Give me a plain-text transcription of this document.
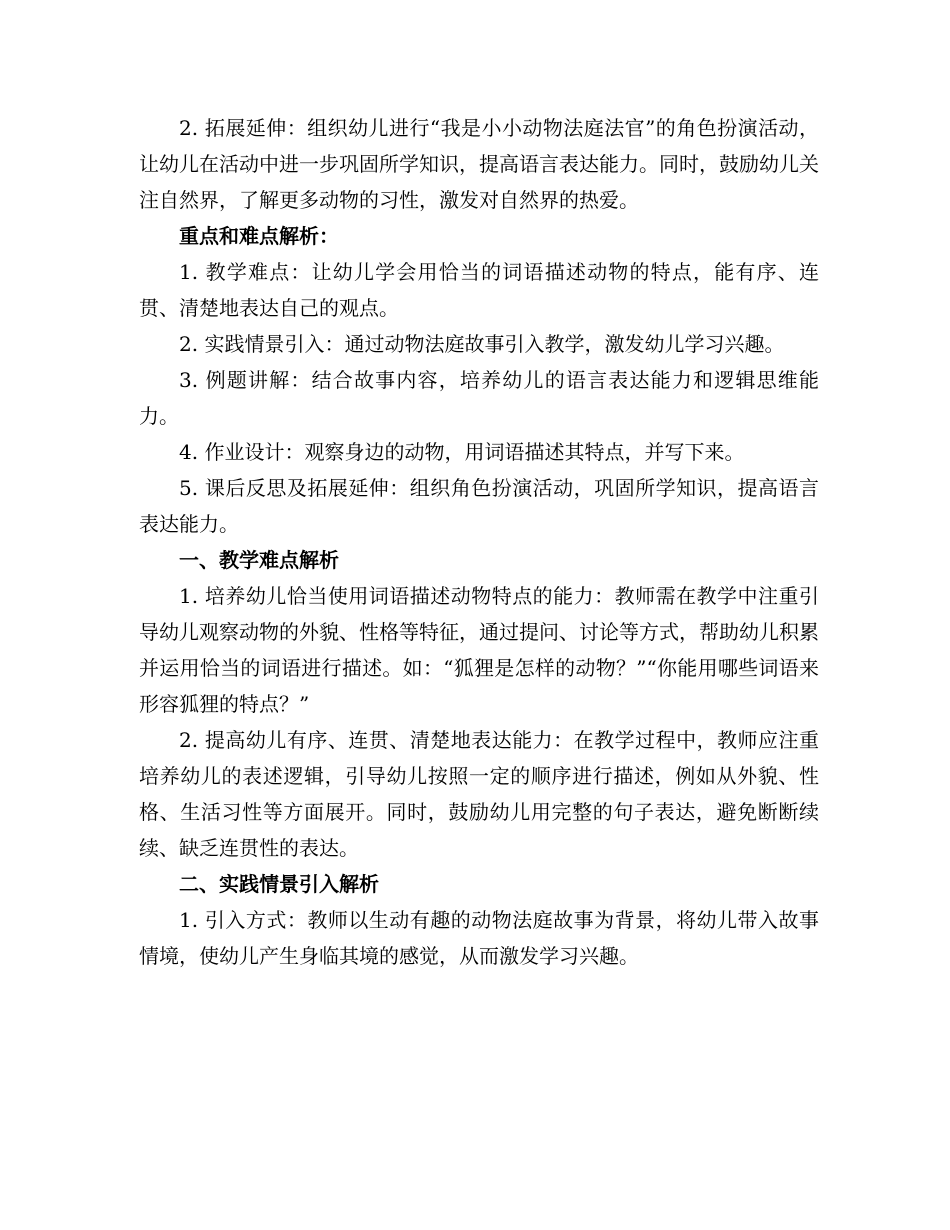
2. 拓展延伸：组织幼儿进行“我是小小动物法庭法官”的角色扮演活动，让幼儿在活动中进一步巩固所学知识，提高语言表达能力。同时，鼓励幼儿关注自然界，了解更多动物的习性，激发对自然界的热爱。

重点和难点解析：

1. 教学难点：让幼儿学会用恰当的词语描述动物的特点，能有序、连贯、清楚地表达自己的观点。

2. 实践情景引入：通过动物法庭故事引入教学，激发幼儿学习兴趣。

3. 例题讲解：结合故事内容，培养幼儿的语言表达能力和逻辑思维能力。

4. 作业设计：观察身边的动物，用词语描述其特点，并写下来。

5. 课后反思及拓展延伸：组织角色扮演活动，巩固所学知识，提高语言表达能力。

一、教学难点解析

1. 培养幼儿恰当使用词语描述动物特点的能力：教师需在教学中注重引导幼儿观察动物的外貌、性格等特征，通过提问、讨论等方式，帮助幼儿积累并运用恰当的词语进行描述。如：“狐狸是怎样的动物？”“你能用哪些词语来形容狐狸的特点？”

2. 提高幼儿有序、连贯、清楚地表达能力：在教学过程中，教师应注重培养幼儿的表述逻辑，引导幼儿按照一定的顺序进行描述，例如从外貌、性格、生活习性等方面展开。同时，鼓励幼儿用完整的句子表达，避免断断续续、缺乏连贯性的表达。

二、实践情景引入解析

1. 引入方式：教师以生动有趣的动物法庭故事为背景，将幼儿带入故事情境，使幼儿产生身临其境的感觉，从而激发学习兴趣。
